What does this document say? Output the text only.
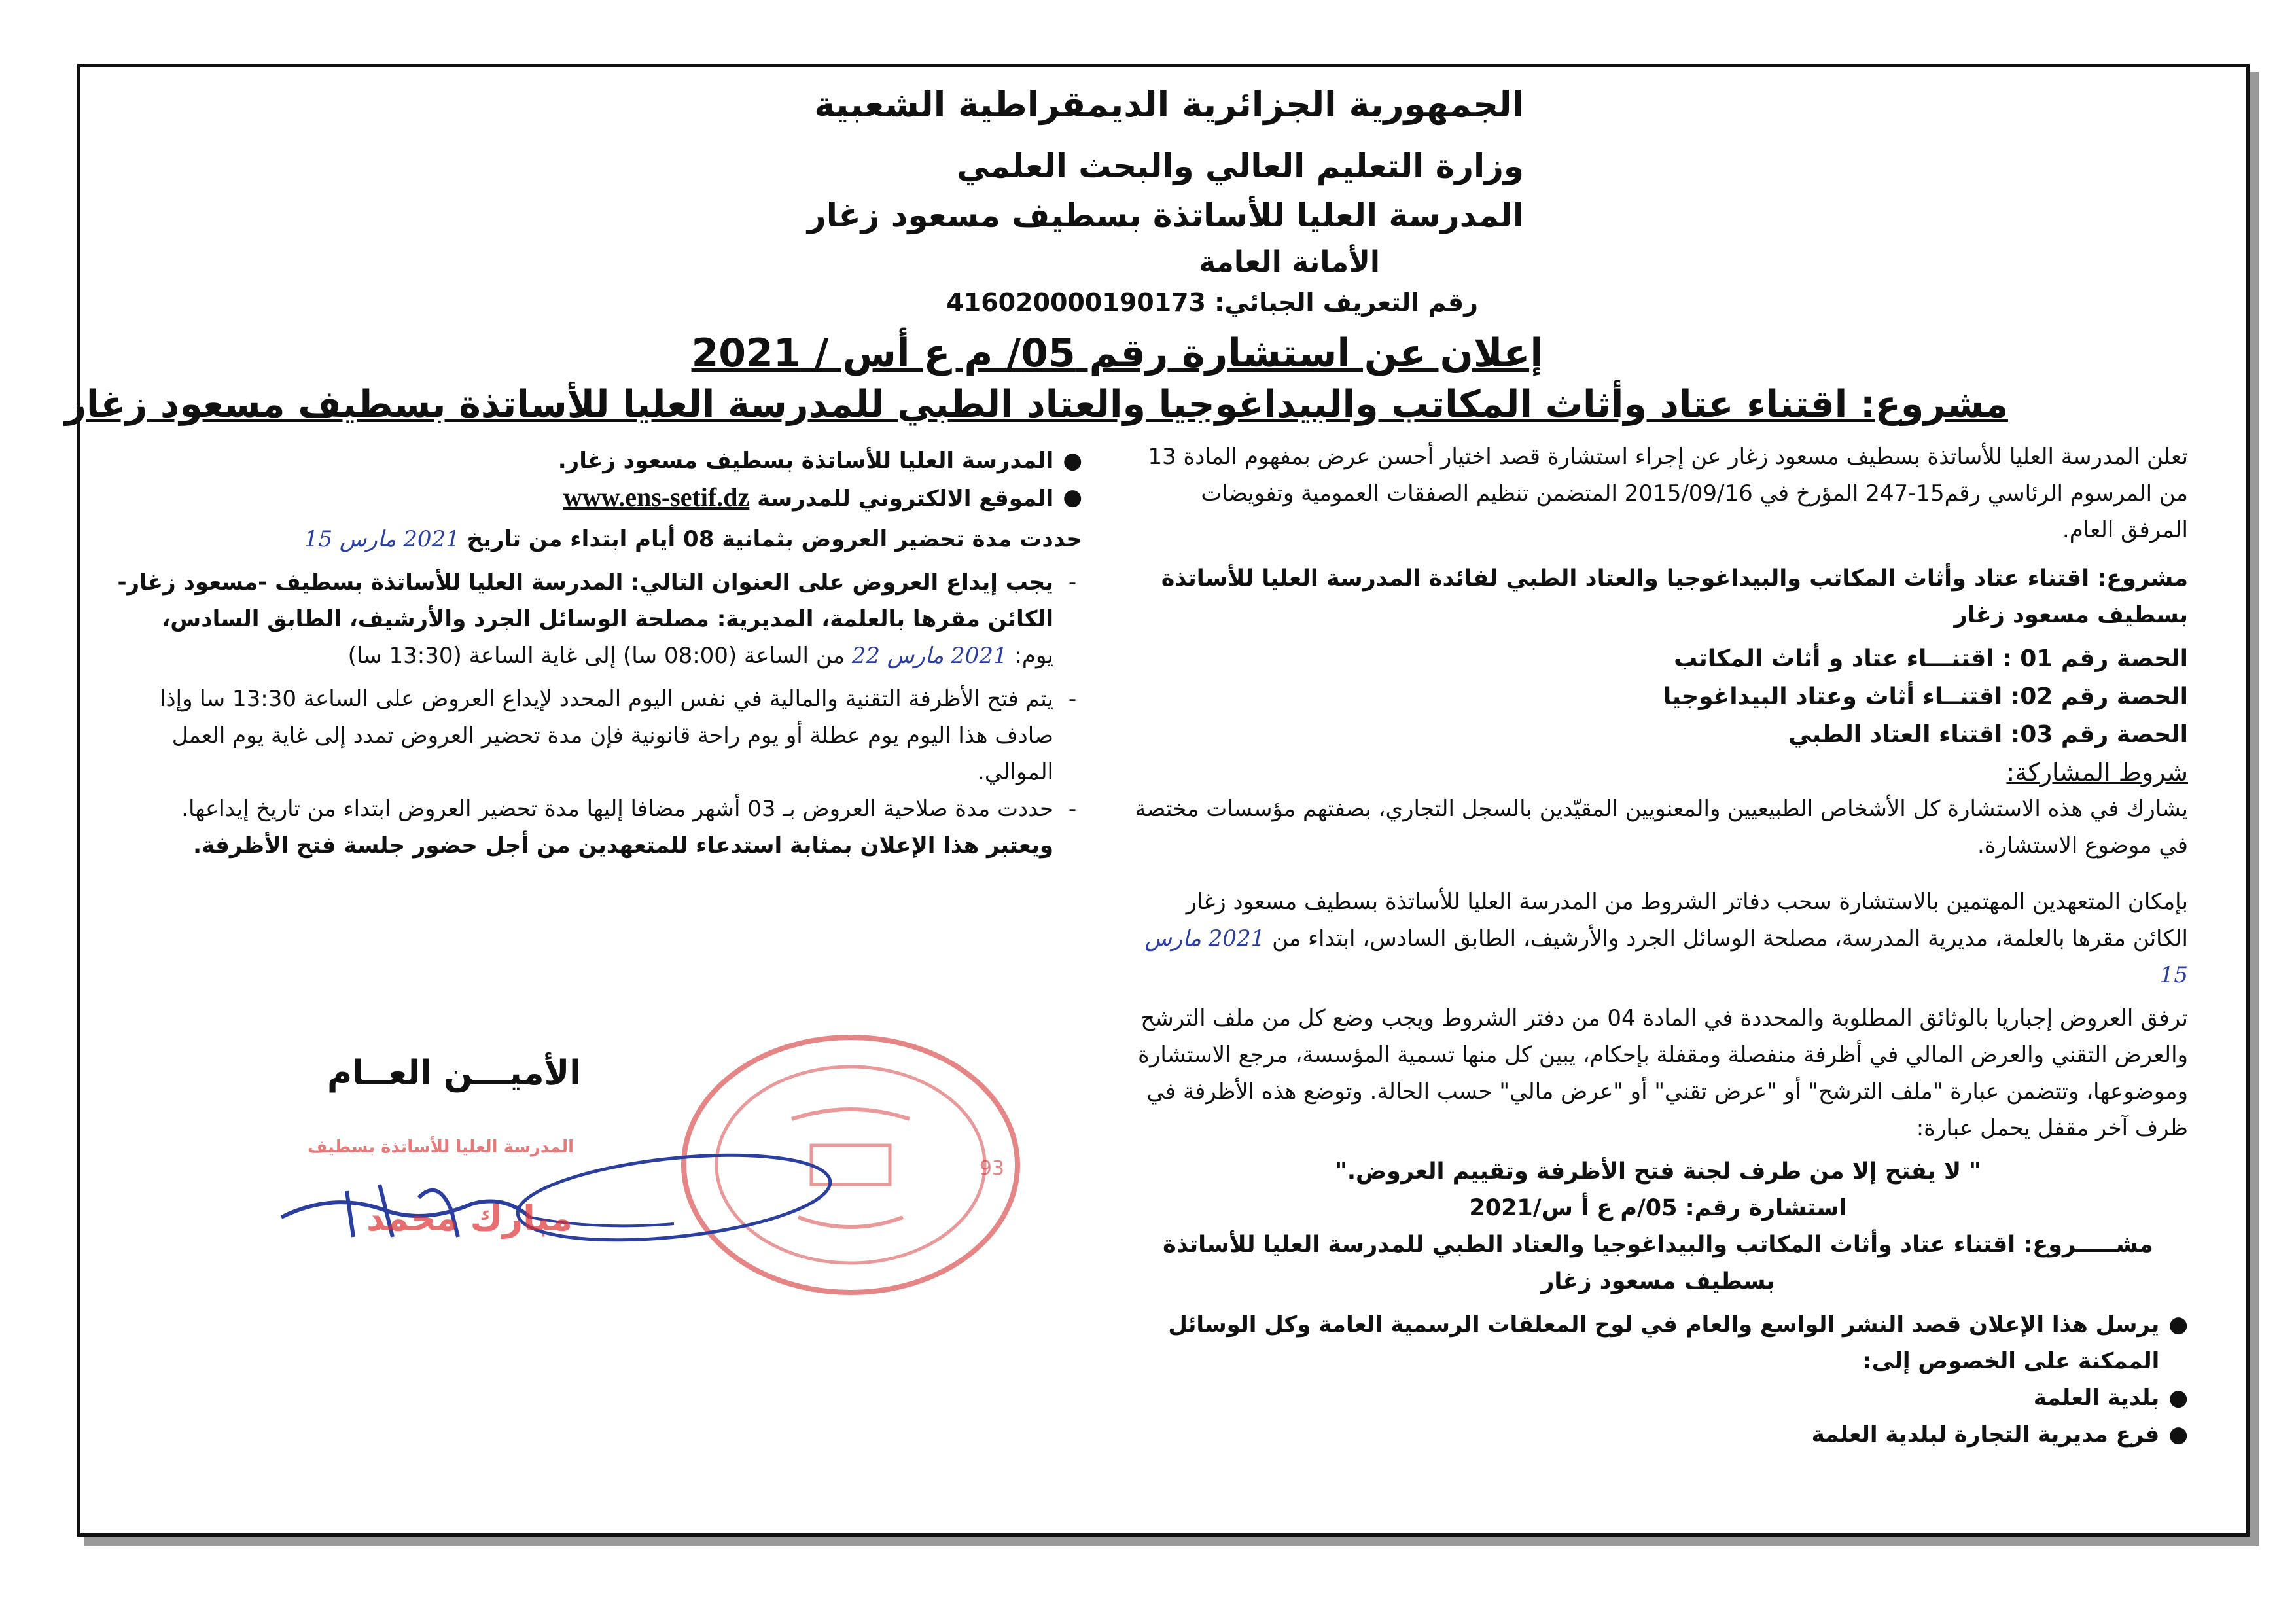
الجمهورية الجزائرية الديمقراطية الشعبية
وزارة التعليم العالي والبحث العلمي
المدرسة العليا للأساتذة بسطيف مسعود زغار
الأمانة العامة
رقم التعريف الجبائي: 416020000190173
إعلان عن استشارة رقم 05/ م ع أس / 2021
مشروع: اقتناء عتاد وأثاث المكاتب والبيداغوجيا والعتاد الطبي للمدرسة العليا للأساتذة بسطيف مسعود زغار

تعلن المدرسة العليا للأساتذة بسطيف مسعود زغار عن إجراء استشارة قصد اختيار أحسن عرض بمفهوم المادة 13 من المرسوم الرئاسي رقم15-247 المؤرخ في 2015/09/16 المتضمن تنظيم الصفقات العمومية وتفويضات المرفق العام.

مشروع: اقتناء عتاد وأثاث المكاتب والبيداغوجيا والعتاد الطبي لفائدة المدرسة العليا للأساتذة بسطيف مسعود زغار

الحصة رقم 01 : اقتنـــاء عتاد و أثاث المكاتب

الحصة رقم 02: اقتنــاء أثاث وعتاد البيداغوجيا

الحصة رقم 03: اقتناء العتاد الطبي

شروط المشاركة:

يشارك في هذه الاستشارة كل الأشخاص الطبيعيين والمعنويين المقيّدين بالسجل التجاري، بصفتهم مؤسسات مختصة في موضوع الاستشارة.

بإمكان المتعهدين المهتمين بالاستشارة سحب دفاتر الشروط من المدرسة العليا للأساتذة بسطيف مسعود زغار الكائن مقرها بالعلمة، مديرية المدرسة، مصلحة الوسائل الجرد والأرشيف، الطابق السادس، ابتداء من 2021 مارس 15

ترفق العروض إجباريا بالوثائق المطلوبة والمحددة في المادة 04 من دفتر الشروط ويجب وضع كل من ملف الترشح والعرض التقني والعرض المالي في أظرفة منفصلة ومقفلة بإحكام، يبين كل منها تسمية المؤسسة، مرجع الاستشارة وموضوعها، وتتضمن عبارة "ملف الترشح" أو "عرض تقني" أو "عرض مالي" حسب الحالة. وتوضع هذه الأظرفة في ظرف آخر مقفل يحمل عبارة:

" لا يفتح إلا من طرف لجنة فتح الأظرفة وتقييم العروض."

استشارة رقم: 05/م ع أ س/2021

مشـــــروع: اقتناء عتاد وأثاث المكاتب والبيداغوجيا والعتاد الطبي للمدرسة العليا للأساتذة بسطيف مسعود زغار

●
يرسل هذا الإعلان قصد النشر الواسع والعام في لوح المعلقات الرسمية العامة وكل الوسائل الممكنة على الخصوص إلى:
●
بلدية العلمة
●
فرع مديرية التجارة لبلدية العلمة
●
المدرسة العليا للأساتذة بسطيف مسعود زغار.
●
الموقع الالكتروني للمدرسة www.ens-setif.dz

حددت مدة تحضير العروض بثمانية 08 أيام ابتداء من تاريخ 2021 مارس 15

-
يجب إيداع العروض على العنوان التالي: المدرسة العليا للأساتذة بسطيف -مسعود زغار- الكائن مقرها بالعلمة، المديرية: مصلحة الوسائل الجرد والأرشيف، الطابق السادس،

يوم: 2021 مارس 22 من الساعة (08:00 سا) إلى غاية الساعة (13:30 سا)

-
يتم فتح الأظرفة التقنية والمالية في نفس اليوم المحدد لإيداع العروض على الساعة 13:30 سا وإذا صادف هذا اليوم يوم عطلة أو يوم راحة قانونية فإن مدة تحضير العروض تمدد إلى غاية يوم العمل الموالي.
-
حددت مدة صلاحية العروض بـ 03 أشهر مضافا إليها مدة تحضير العروض ابتداء من تاريخ إيداعها.

ويعتبر هذا الإعلان بمثابة استدعاء للمتعهدين من أجل حضور جلسة فتح الأظرفة.

الأميـــن العــام
المدرسة العليا للأساتذة بسطيف
93
مبارك محمد
